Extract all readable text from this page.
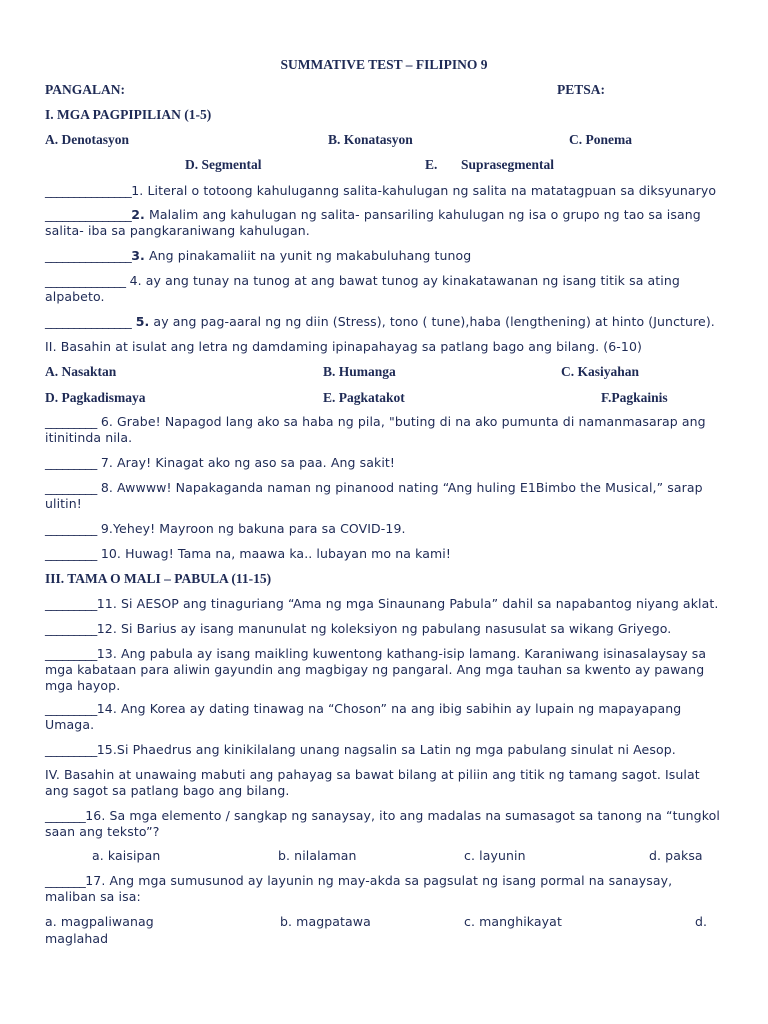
SUMMATIVE TEST – FILIPINO 9
PANGALAN:	PETSA:
I. MGA PAGPIPILIAN (1-5)
A. Denotasyon	B. Konatasyon	C. Ponema
D. Segmental	E. Suprasegmental
_______________1. Literal o totoong kahuluganng salita-kahulugan ng salita na matatagpuan sa diksyunaryo
_______________2. Malalim ang kahulugan ng salita- pansariling kahulugan ng isa o grupo ng tao sa isang salita- iba sa pangkaraniwang kahulugan.
_______________3. Ang pinakamaliit na yunit ng makabuluhang tunog
______________ 4. ay ang tunay na tunog at ang bawat tunog ay kinakatawanan ng isang titik sa ating alpabeto.
_______________ 5. ay ang pag-aaral ng ng diin (Stress), tono ( tune),haba (lengthening) at hinto (Juncture).
II. Basahin at isulat ang letra ng damdaming ipinapahayag sa patlang bago ang bilang. (6-10)
A. Nasaktan	B. Humanga	C. Kasiyahan
D. Pagkadismaya	E. Pagkatakot	F.Pagkainis
_________ 6. Grabe! Napagod lang ako sa haba ng pila, "buting di na ako pumunta di namanmasarap ang itinitinda nila.
_________ 7. Aray! Kinagat ako ng aso sa paa. Ang sakit!
_________ 8. Awwww! Napakaganda naman ng pinanood nating “Ang huling E1Bimbo the Musical,” sarap ulitin!
_________ 9.Yehey! Mayroon ng bakuna para sa COVID-19.
_________ 10. Huwag! Tama na, maawa ka.. lubayan mo na kami!
III. TAMA O MALI – PABULA (11-15)
_________11. Si AESOP ang tinaguriang “Ama ng mga Sinaunang Pabula” dahil sa napabantog niyang aklat.
_________12. Si Barius ay isang manunulat ng koleksiyon ng pabulang nasusulat sa wikang Griyego.
_________13. Ang pabula ay isang maikling kuwentong kathang-isip lamang. Karaniwang isinasalaysay sa mga kabataan para aliwin gayundin ang magbigay ng pangaral. Ang mga tauhan sa kwento ay pawang mga hayop.
_________14. Ang Korea ay dating tinawag na “Choson” na ang ibig sabihin ay lupain ng mapayapang Umaga.
_________15.Si Phaedrus ang kinikilalang unang nagsalin sa Latin ng mga pabulang sinulat ni Aesop.
IV. Basahin at unawaing mabuti ang pahayag sa bawat bilang at piliin ang titik ng tamang sagot. Isulat ang sagot sa patlang bago ang bilang.
_______16. Sa mga elemento / sangkap ng sanaysay, ito ang madalas na sumasagot sa tanong na “tungkol saan ang teksto”?
a. kaisipan	b. nilalaman	c. layunin	d. paksa
_______17. Ang mga sumusunod ay layunin ng may-akda sa pagsulat ng isang pormal na sanaysay, maliban sa isa:
a. magpaliwanag	b. magpatawa	c. manghikayat	d.
maglahad
